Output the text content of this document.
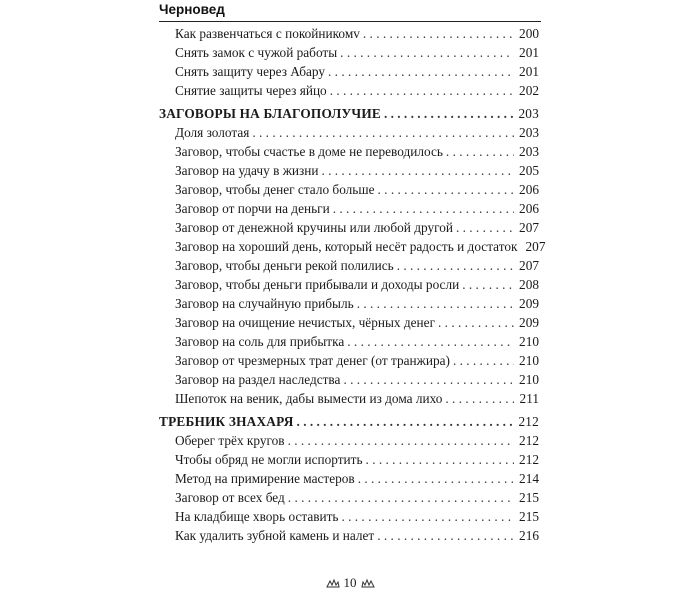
Черновед
Как развенчаться с покойникомv . . .	200
Снять замок с чужой работы . . .	201
Снять защиту через Абару . . .	201
Снятие защиты через яйцо . . .	202
ЗАГОВОРЫ НА БЛАГОПОЛУЧИЕ . . .	203
Доля золотая . . .	203
Заговор, чтобы счастье в доме не переводилось . . .	203
Заговор на удачу в жизни . . .	205
Заговор, чтобы денег стало больше . . .	206
Заговор от порчи на деньги . . .	206
Заговор от денежной кручины или любой другой . . .	207
Заговор на хороший день, который несёт радость и достаток 207
Заговор, чтобы деньги рекой полились . . .	207
Заговор, чтобы деньги прибывали и доходы росли . . .	208
Заговор на случайную прибыль . . .	209
Заговор на очищение нечистых, чёрных денег . . .	209
Заговор на соль для прибытка . . .	210
Заговор от чрезмерных трат денег (от транжира) . . .	210
Заговор на раздел наследства . . .	210
Шепоток на веник, дабы вымести из дома лихо . . .	211
ТРЕБНИК ЗНАХАРЯ . . .	212
Оберег трёх кругов . . .	212
Чтобы обряд не могли испортить . . .	212
Метод на примирение мастеров . . .	214
Заговор от всех бед . . .	215
На кладбище хворь оставить . . .	215
Как удалить зубной камень и налет . . .	216
10
